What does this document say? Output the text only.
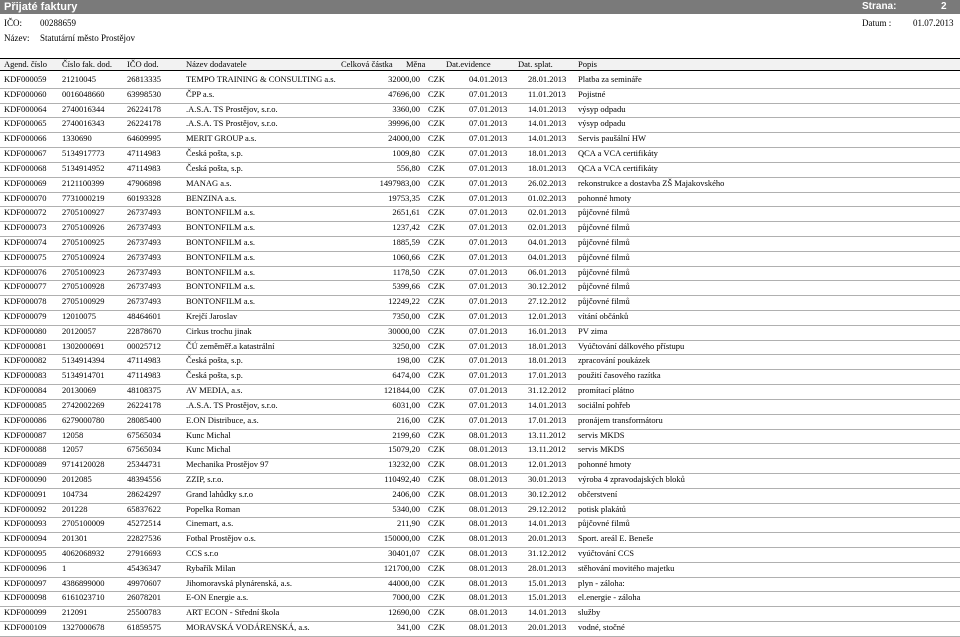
Přijaté faktury	Strana:	2
IČO: 00288659
Název: Statutární město Prostějov
Datum : 01.07.2013
Agend. číslo Číslo fak. dod. IČO dod.	Název dodavatele	Celková částka Měna Dat.evidence	Dat. splat.	Popis
KDF000059 21210045	26813335	TEMPO TRAINING & CONSULTING a.s.	32000,00 CZK	04.01.2013 28.01.2013 Platba za semináře
KDF000060 0016048660	63998530	ČPP a.s.	47696,00 CZK	07.01.2013 11.01.2013 Pojistné
KDF000064 2740016344	26224178	.A.S.A. TS Prostějov, s.r.o.	3360,00 CZK	07.01.2013 14.01.2013 výsyp odpadu
KDF000065 2740016343	26224178	.A.S.A. TS Prostějov, s.r.o.	39996,00 CZK	07.01.2013 14.01.2013 výsyp odpadu
KDF000066 1330690	64609995	MERIT GROUP a.s.	24000,00 CZK	07.01.2013 14.01.2013 Servis paušální HW
KDF000067 5134917773	47114983	Česká pošta, s.p.	1009,80 CZK	07.01.2013 18.01.2013 QCA a VCA certifikáty
KDF000068 5134914952	47114983	Česká pošta, s.p.	556,80 CZK	07.01.2013 18.01.2013 QCA a VCA certifikáty
KDF000069 2121100399	47906898	MANAG a.s.	1497983,00 CZK	07.01.2013 26.02.2013 rekonstrukce a dostavba ZŠ Majakovského
KDF000070 7731000219	60193328	BENZINA a.s.	19753,35 CZK	07.01.2013 01.02.2013 pohonné hmoty
KDF000072 2705100927	26737493	BONTONFILM a.s.	2651,61 CZK	07.01.2013 02.01.2013 půjčovné filmů
KDF000073 2705100926	26737493	BONTONFILM a.s.	1237,42 CZK	07.01.2013 02.01.2013 půjčovné filmů
KDF000074 2705100925	26737493	BONTONFILM a.s.	1885,59 CZK	07.01.2013 04.01.2013 půjčovné filmů
KDF000075 2705100924	26737493	BONTONFILM a.s.	1060,66 CZK	07.01.2013 04.01.2013 půjčovné filmů
KDF000076 2705100923	26737493	BONTONFILM a.s.	1178,50 CZK	07.01.2013 06.01.2013 půjčovné filmů
KDF000077 2705100928	26737493	BONTONFILM a.s.	5399,66 CZK	07.01.2013 30.12.2012 půjčovné filmů
KDF000078 2705100929	26737493	BONTONFILM a.s.	12249,22 CZK	07.01.2013 27.12.2012 půjčovné filmů
KDF000079 12010075	48464601	Krejčí Jaroslav	7350,00 CZK	07.01.2013 12.01.2013 vítání občánků
KDF000080 20120057	22878670	Cirkus trochu jinak	30000,00 CZK	07.01.2013 16.01.2013 PV zima
KDF000081 1302000691	00025712	ČÚ zeměměř.a katastrální	3250,00 CZK	07.01.2013 18.01.2013 Vyúčtování dálkového přístupu
KDF000082 5134914394	47114983	Česká pošta, s.p.	198,00 CZK	07.01.2013 18.01.2013 zpracování poukázek
KDF000083 5134914701	47114983	Česká pošta, s.p.	6474,00 CZK	07.01.2013 17.01.2013 použití časového razítka
KDF000084 20130069	48108375	AV MEDIA, a.s.	121844,00 CZK	07.01.2013 31.12.2012 promítací plátno
KDF000085 2742002269	26224178	.A.S.A. TS Prostějov, s.r.o.	6031,00 CZK	07.01.2013 14.01.2013 sociální pohřeb
KDF000086 6279000780	28085400	E.ON Distribuce, a.s.	216,00 CZK	07.01.2013 17.01.2013 pronájem transformátoru
KDF000087 12058	67565034	Kunc Michal	2199,60 CZK	08.01.2013 13.11.2012 servis MKDS
KDF000088 12057	67565034	Kunc Michal	15079,20 CZK	08.01.2013 13.11.2012 servis MKDS
KDF000089 9714120028	25344731	Mechanika Prostějov 97	13232,00 CZK	08.01.2013 12.01.2013 pohonné hmoty
KDF000090 2012085	48394556	ZZIP, s.r.o.	110492,40 CZK	08.01.2013 30.01.2013 výroba 4 zpravodajských bloků
KDF000091 104734	28624297	Grand lahůdky s.r.o	2406,00 CZK	08.01.2013 30.12.2012 občerstvení
KDF000092 201228	65837622	Popelka Roman	5340,00 CZK	08.01.2013 29.12.2012 potisk plakátů
KDF000093 2705100009	45272514	Cinemart, a.s.	211,90 CZK	08.01.2013 14.01.2013 půjčovné filmů
KDF000094 201301	22827536	Fotbal Prostějov o.s.	150000,00 CZK	08.01.2013 20.01.2013 Sport. areál E. Beneše
KDF000095 4062068932	27916693	CCS s.r.o	30401,07 CZK	08.01.2013 31.12.2012 vyúčtování CCS
KDF000096 1	45436347	Rybařík Milan	121700,00 CZK	08.01.2013 28.01.2013 stěhování movitého majetku
KDF000097 4386899000	49970607	Jihomoravská plynárenská, a.s.	44000,00 CZK	08.01.2013 15.01.2013 plyn - záloha:
KDF000098 6161023710	26078201	E-ON Energie a.s.	7000,00 CZK	08.01.2013 15.01.2013 el.energie - záloha
KDF000099 212091	25500783	ART ECON - Střední škola	12690,00 CZK	08.01.2013 14.01.2013 služby
KDF000109 1327000678	61859575	MORAVSKÁ VODÁRENSKÁ, a.s.	341,00 CZK	08.01.2013 20.01.2013 vodné, stočné
